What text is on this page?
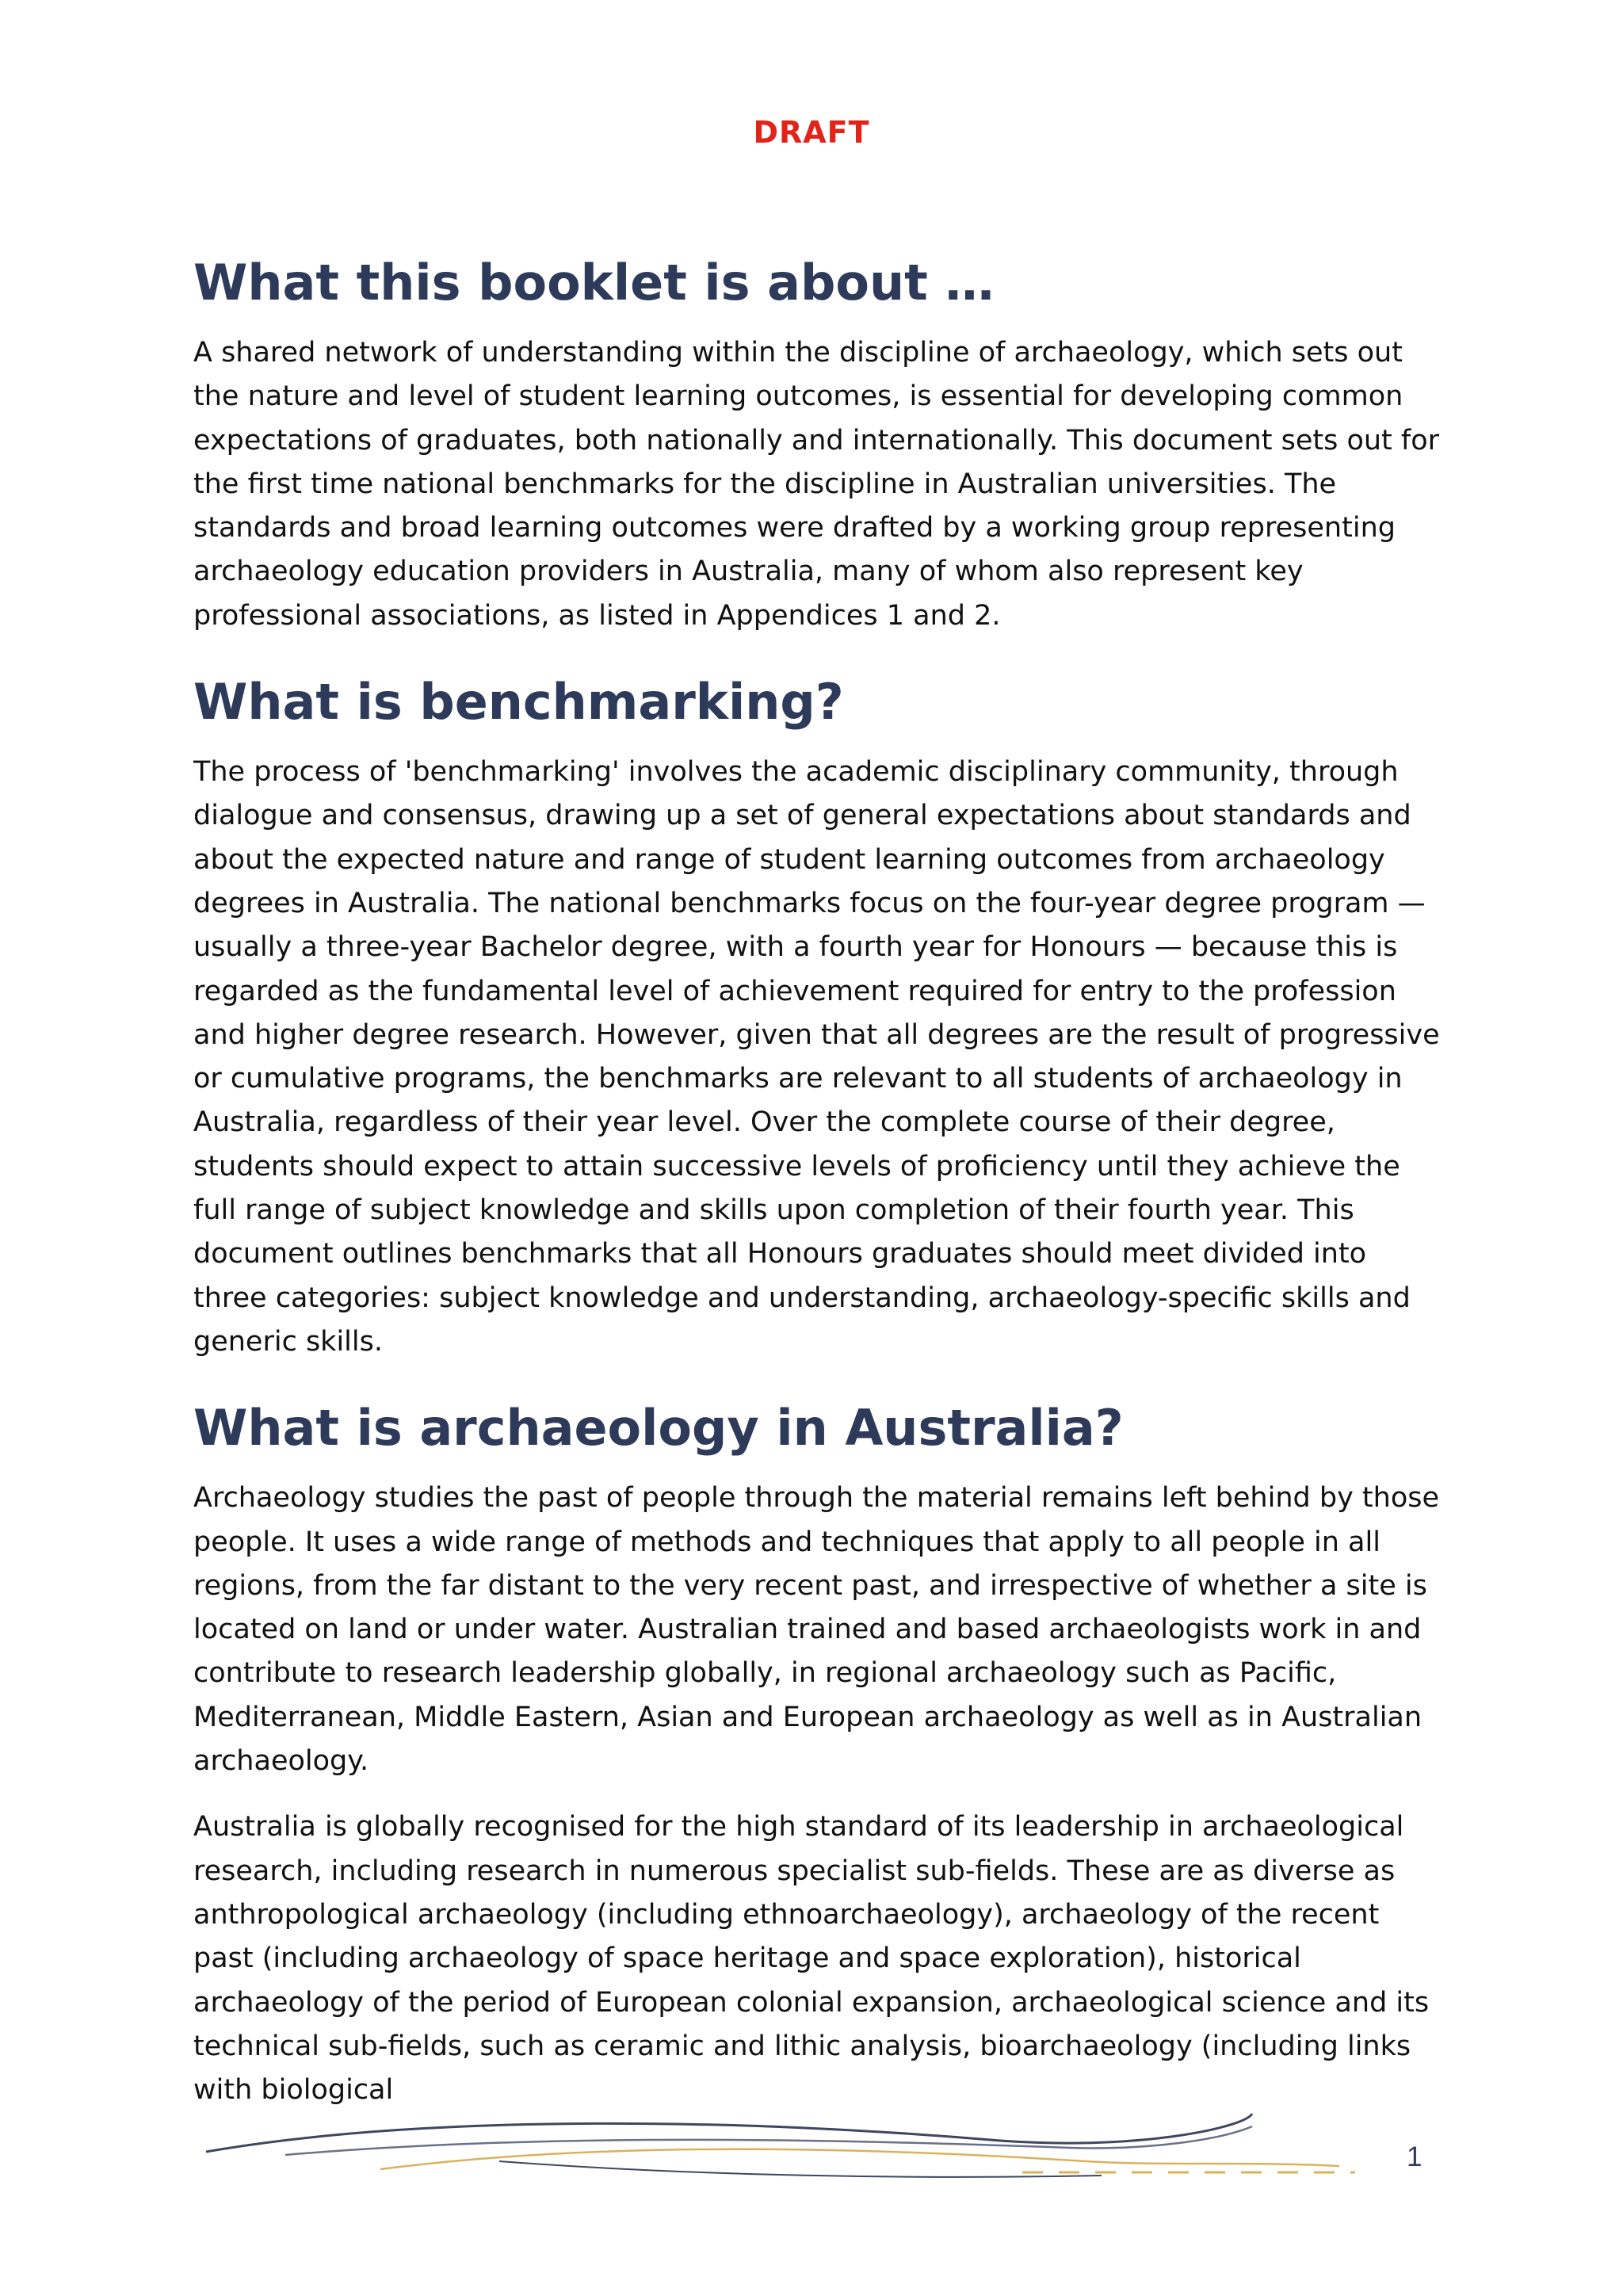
DRAFT
What this booklet is about …

A shared network of understanding within the discipline of archaeology, which sets out the nature and level of student learning outcomes, is essential for developing common expectations of graduates, both nationally and internationally. This document sets out for the first time national benchmarks for the discipline in Australian universities. The standards and broad learning outcomes were drafted by a working group representing archaeology education providers in Australia, many of whom also represent key professional associations, as listed in Appendices 1 and 2.

What is benchmarking?

The process of 'benchmarking' involves the academic disciplinary community, through dialogue and consensus, drawing up a set of general expectations about standards and about the expected nature and range of student learning outcomes from archaeology degrees in Australia. The national benchmarks focus on the four-year degree program — usually a three-year Bachelor degree, with a fourth year for Honours — because this is regarded as the fundamental level of achievement required for entry to the profession and higher degree research. However, given that all degrees are the result of progressive or cumulative programs, the benchmarks are relevant to all students of archaeology in Australia, regardless of their year level. Over the complete course of their degree, students should expect to attain successive levels of proficiency until they achieve the full range of subject knowledge and skills upon completion of their fourth year. This document outlines benchmarks that all Honours graduates should meet divided into three categories: subject knowledge and understanding, archaeology-specific skills and generic skills.

What is archaeology in Australia?

Archaeology studies the past of people through the material remains left behind by those people. It uses a wide range of methods and techniques that apply to all people in all regions, from the far distant to the very recent past, and irrespective of whether a site is located on land or under water. Australian trained and based archaeologists work in and contribute to research leadership globally, in regional archaeology such as Pacific, Mediterranean, Middle Eastern, Asian and European archaeology as well as in Australian archaeology.

Australia is globally recognised for the high standard of its leadership in archaeological research, including research in numerous specialist sub-fields. These are as diverse as anthropological archaeology (including ethnoarchaeology), archaeology of the recent past (including archaeology of space heritage and space exploration), historical archaeology of the period of European colonial expansion, archaeological science and its technical sub-fields, such as ceramic and lithic analysis, bioarchaeology (including links with biological

1
